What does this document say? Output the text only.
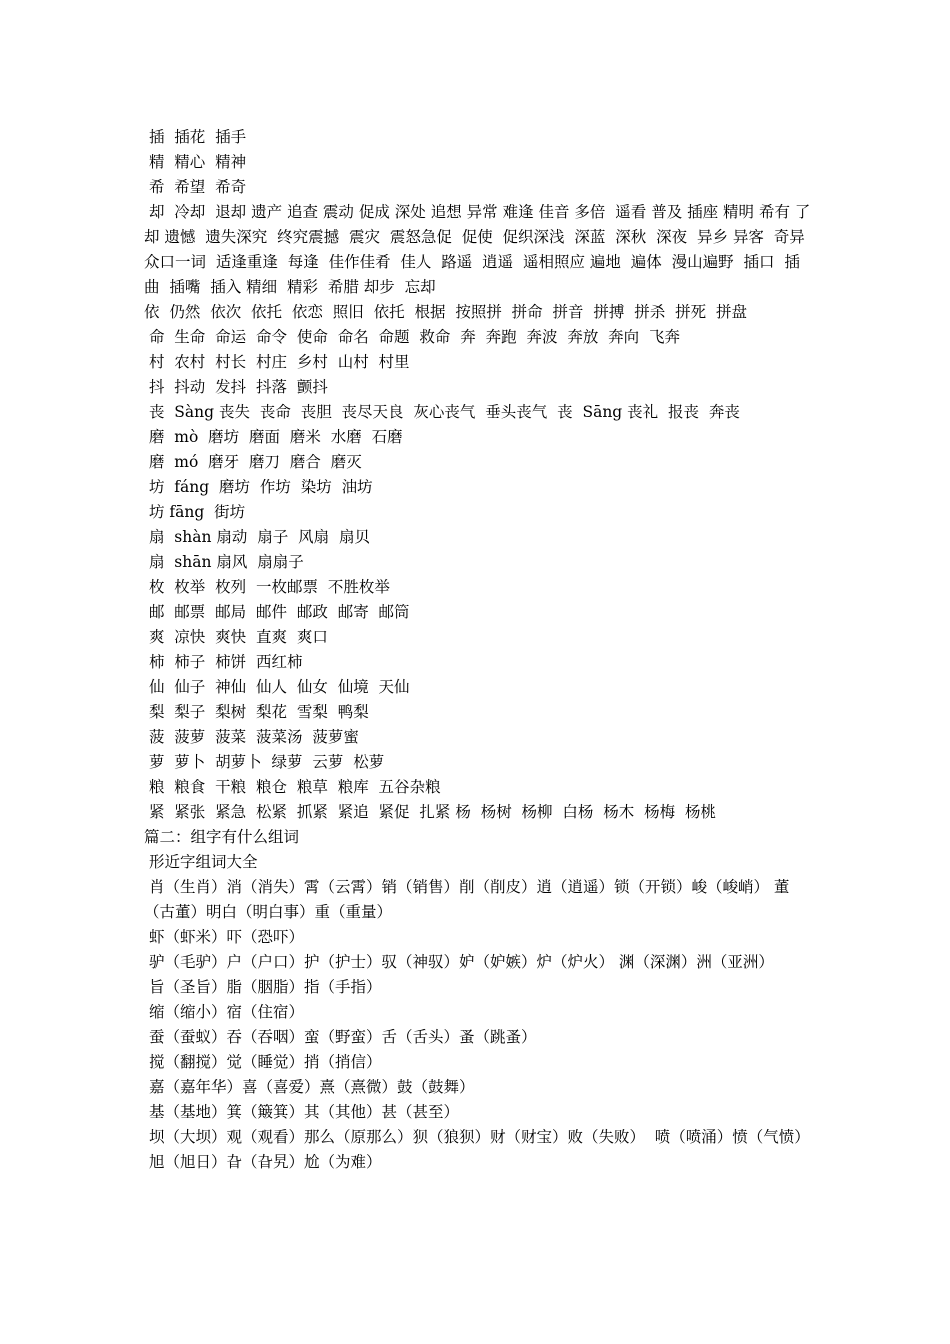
插  插花  插手

精  精心  精神

希  希望  希奇

却  冷却  退却 遗产 追查 震动 促成 深处 追想 异常 难逢 佳音 多倍  遥看 普及 插座 精明 希有 了却 遗憾  遗失深究  终究震撼  震灾  震怒急促  促使  促织深浅  深蓝  深秋  深夜  异乡 异客  奇异  众口一词  适逢重逢  每逢  佳作佳肴  佳人  路遥  逍遥  遥相照应 遍地  遍体  漫山遍野  插口  插曲  插嘴  插入 精细  精彩  希腊 却步  忘却

依  仍然  依次  依托  依恋  照旧  依托  根据  按照拼  拼命  拼音  拼搏  拼杀  拼死  拼盘

命  生命  命运  命令  使命  命名  命题  救命  奔  奔跑  奔波  奔放  奔向  飞奔

村  农村  村长  村庄  乡村  山村  村里

抖  抖动  发抖  抖落  颤抖

丧  Sàng 丧失  丧命  丧胆  丧尽天良  灰心丧气  垂头丧气  丧  Sāng 丧礼  报丧  奔丧

磨  mò  磨坊  磨面  磨米  水磨  石磨

磨  mó  磨牙  磨刀  磨合  磨灭

坊  fáng  磨坊  作坊  染坊  油坊

坊 fāng  街坊

扇  shàn 扇动  扇子  风扇  扇贝

扇  shān 扇风  扇扇子

枚  枚举  枚列  一枚邮票  不胜枚举

邮  邮票  邮局  邮件  邮政  邮寄  邮筒

爽  凉快  爽快  直爽  爽口

柿  柿子  柿饼  西红柿

仙  仙子  神仙  仙人  仙女  仙境  天仙

梨  梨子  梨树  梨花  雪梨  鸭梨

菠  菠萝  菠菜  菠菜汤  菠萝蜜

萝  萝卜  胡萝卜  绿萝  云萝  松萝

粮  粮食  干粮  粮仓  粮草  粮库  五谷杂粮

紧  紧张  紧急  松紧  抓紧  紧追  紧促  扎紧 杨  杨树  杨柳  白杨  杨木  杨梅  杨桃

篇二：组字有什么组词

形近字组词大全

肖（生肖）消（消失）霄（云霄）销（销售）削（削皮）逍（逍遥）锁（开锁）峻（峻峭） 董（古董）明白（明白事）重（重量）

虾（虾米）吓（恐吓）

驴（毛驴）户（户口）护（护士）驭（神驭）妒（妒嫉）炉（炉火） 渊（深渊）洲（亚洲）

旨（圣旨）脂（胭脂）指（手指）

缩（缩小）宿（住宿）

蚕（蚕蚁）吞（吞咽）蛮（野蛮）舌（舌头）蚤（跳蚤）

搅（翻搅）觉（睡觉）捎（捎信）

嘉（嘉年华）喜（喜爱）熹（熹微）鼓（鼓舞）

基（基地）箕（簸箕）其（其他）甚（甚至）

坝（大坝）观（观看）那么（原那么）狈（狼狈）财（财宝）败（失败）  喷（喷涌）愤（气愤）

旭（旭日）旮（旮旯）尬（为难）
